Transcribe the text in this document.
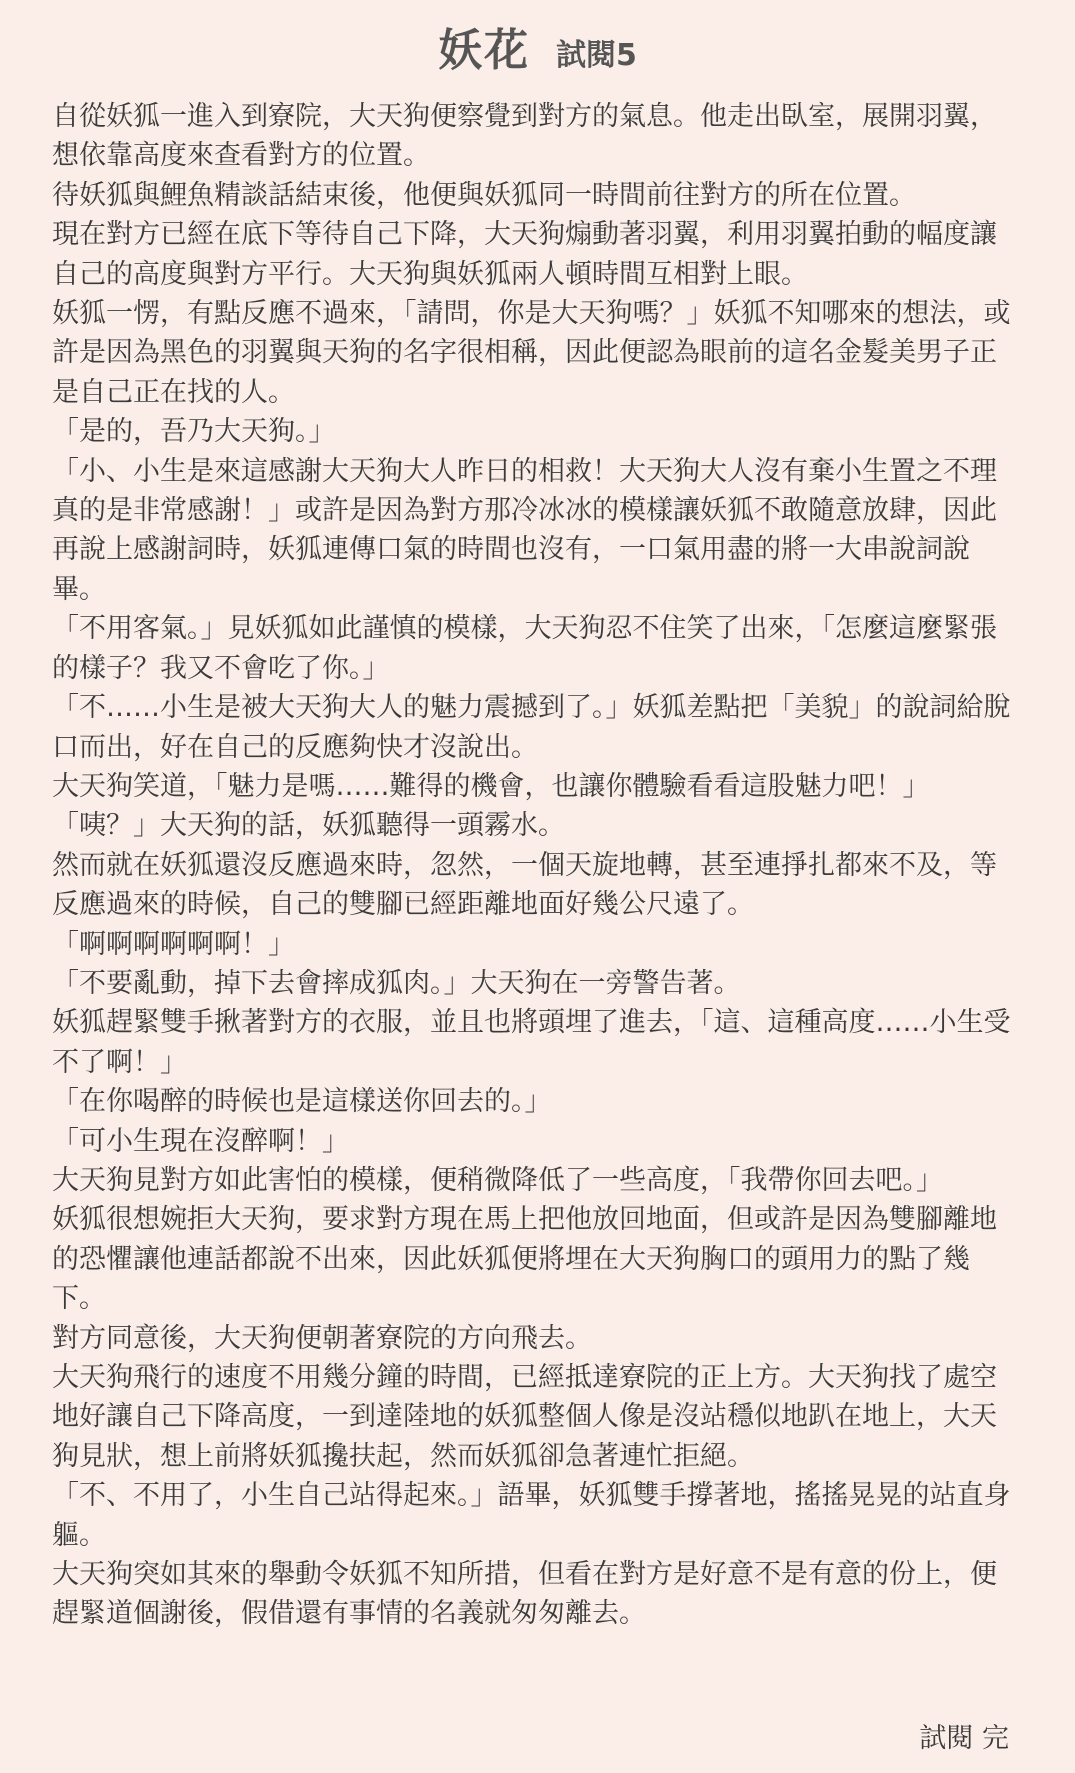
妖花 試閱5

自從妖狐一進入到寮院，大天狗便察覺到對方的氣息。他走出臥室，展開羽翼，想依靠高度來查看對方的位置。

待妖狐與鯉魚精談話結束後，他便與妖狐同一時間前往對方的所在位置。

現在對方已經在底下等待自己下降，大天狗煽動著羽翼，利用羽翼拍動的幅度讓自己的高度與對方平行。大天狗與妖狐兩人頓時間互相對上眼。

妖狐一愣，有點反應不過來，「請問，你是大天狗嗎？」妖狐不知哪來的想法，或許是因為黑色的羽翼與天狗的名字很相稱，因此便認為眼前的這名金髮美男子正是自己正在找的人。

「是的，吾乃大天狗。」

「小、小生是來這感謝大天狗大人昨日的相救！大天狗大人沒有棄小生置之不理真的是非常感謝！」或許是因為對方那冷冰冰的模樣讓妖狐不敢隨意放肆，因此再說上感謝詞時，妖狐連傳口氣的時間也沒有，一口氣用盡的將一大串說詞說畢。

「不用客氣。」見妖狐如此謹慎的模樣，大天狗忍不住笑了出來，「怎麼這麼緊張的樣子？我又不會吃了你。」

「不……小生是被大天狗大人的魅力震撼到了。」妖狐差點把「美貌」的說詞給脫口而出，好在自己的反應夠快才沒說出。

大天狗笑道，「魅力是嗎……難得的機會，也讓你體驗看看這股魅力吧！」

「咦？」大天狗的話，妖狐聽得一頭霧水。

然而就在妖狐還沒反應過來時，忽然，一個天旋地轉，甚至連掙扎都來不及，等反應過來的時候，自己的雙腳已經距離地面好幾公尺遠了。

「啊啊啊啊啊啊！」

「不要亂動，掉下去會摔成狐肉。」大天狗在一旁警告著。

妖狐趕緊雙手揪著對方的衣服，並且也將頭埋了進去，「這、這種高度……小生受不了啊！」

「在你喝醉的時候也是這樣送你回去的。」

「可小生現在沒醉啊！」

大天狗見對方如此害怕的模樣，便稍微降低了一些高度，「我帶你回去吧。」

妖狐很想婉拒大天狗，要求對方現在馬上把他放回地面，但或許是因為雙腳離地的恐懼讓他連話都說不出來，因此妖狐便將埋在大天狗胸口的頭用力的點了幾下。

對方同意後，大天狗便朝著寮院的方向飛去。

大天狗飛行的速度不用幾分鐘的時間，已經抵達寮院的正上方。大天狗找了處空地好讓自己下降高度，一到達陸地的妖狐整個人像是沒站穩似地趴在地上，大天狗見狀，想上前將妖狐攙扶起，然而妖狐卻急著連忙拒絕。

「不、不用了，小生自己站得起來。」語畢，妖狐雙手撐著地，搖搖晃晃的站直身軀。

大天狗突如其來的舉動令妖狐不知所措，但看在對方是好意不是有意的份上，便趕緊道個謝後，假借還有事情的名義就匆匆離去。

試閱 完
